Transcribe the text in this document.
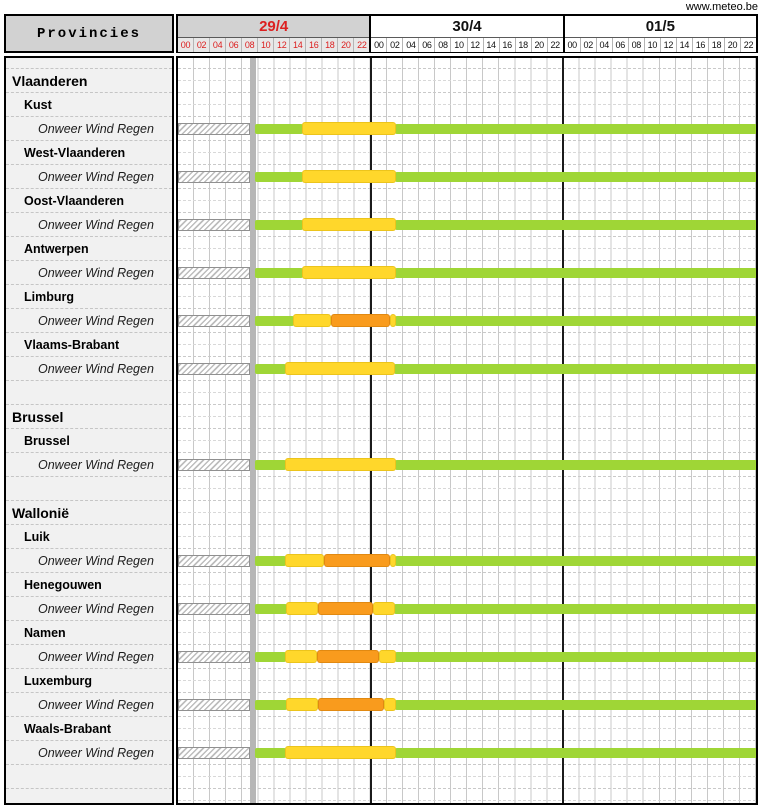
www.meteo.be
Provincies	29/4
00 02 04 06 08 10 12 14 16 18 20 22
30/4
00 02 04 06 08 10 12 14 16 18 20 22
01/5
00 02 04 06 08 10 12 14 16 18 20 22
Vlaanderen
Kust
Onweer Wind Regen
West-Vlaanderen
Onweer Wind Regen
Oost-Vlaanderen
Onweer Wind Regen
Antwerpen
Onweer Wind Regen
Limburg
Onweer Wind Regen
Vlaams-Brabant
Onweer Wind Regen
Brussel
Brussel
Onweer Wind Regen
Wallonië
Luik
Onweer Wind Regen
Henegouwen
Onweer Wind Regen
Namen
Onweer Wind Regen
Luxemburg
Onweer Wind Regen
Waals-Brabant
Onweer Wind Regen
